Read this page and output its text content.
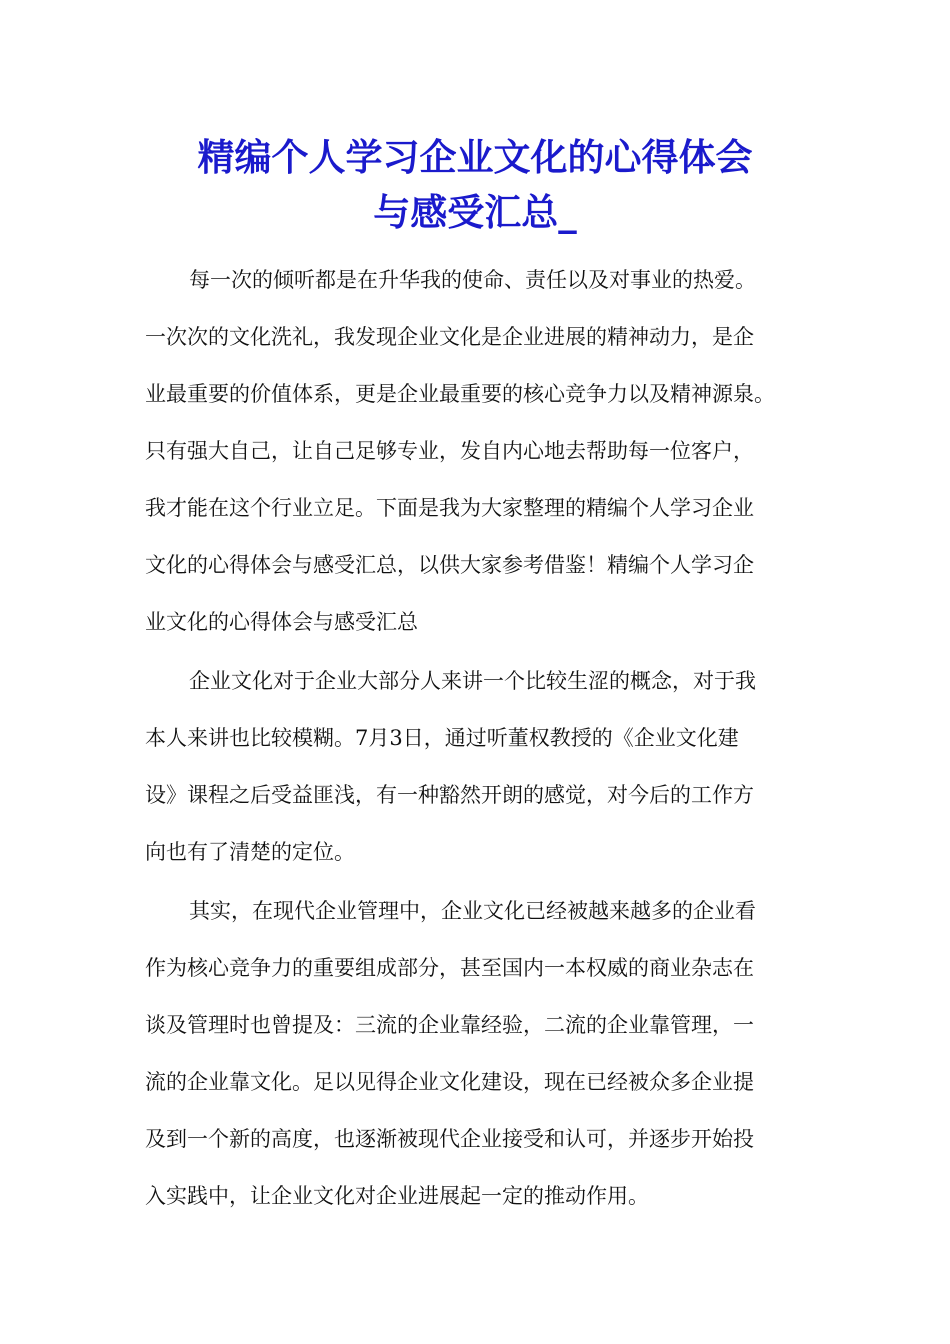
精编个人学习企业文化的心得体会
与感受汇总_
每一次的倾听都是在升华我的使命、责任以及对事业的热爱。
一次次的文化洗礼，我发现企业文化是企业进展的精神动力，是企
业最重要的价值体系，更是企业最重要的核心竞争力以及精神源泉。
只有强大自己，让自己足够专业，发自内心地去帮助每一位客户，
我才能在这个行业立足。下面是我为大家整理的精编个人学习企业
文化的心得体会与感受汇总，以供大家参考借鉴！精编个人学习企
业文化的心得体会与感受汇总
企业文化对于企业大部分人来讲一个比较生涩的概念，对于我
本人来讲也比较模糊。7月3日，通过听董权教授的《企业文化建
设》课程之后受益匪浅，有一种豁然开朗的感觉，对今后的工作方
向也有了清楚的定位。
其实，在现代企业管理中，企业文化已经被越来越多的企业看
作为核心竞争力的重要组成部分，甚至国内一本权威的商业杂志在
谈及管理时也曾提及：三流的企业靠经验，二流的企业靠管理，一
流的企业靠文化。足以见得企业文化建设，现在已经被众多企业提
及到一个新的高度，也逐渐被现代企业接受和认可，并逐步开始投
入实践中，让企业文化对企业进展起一定的推动作用。
